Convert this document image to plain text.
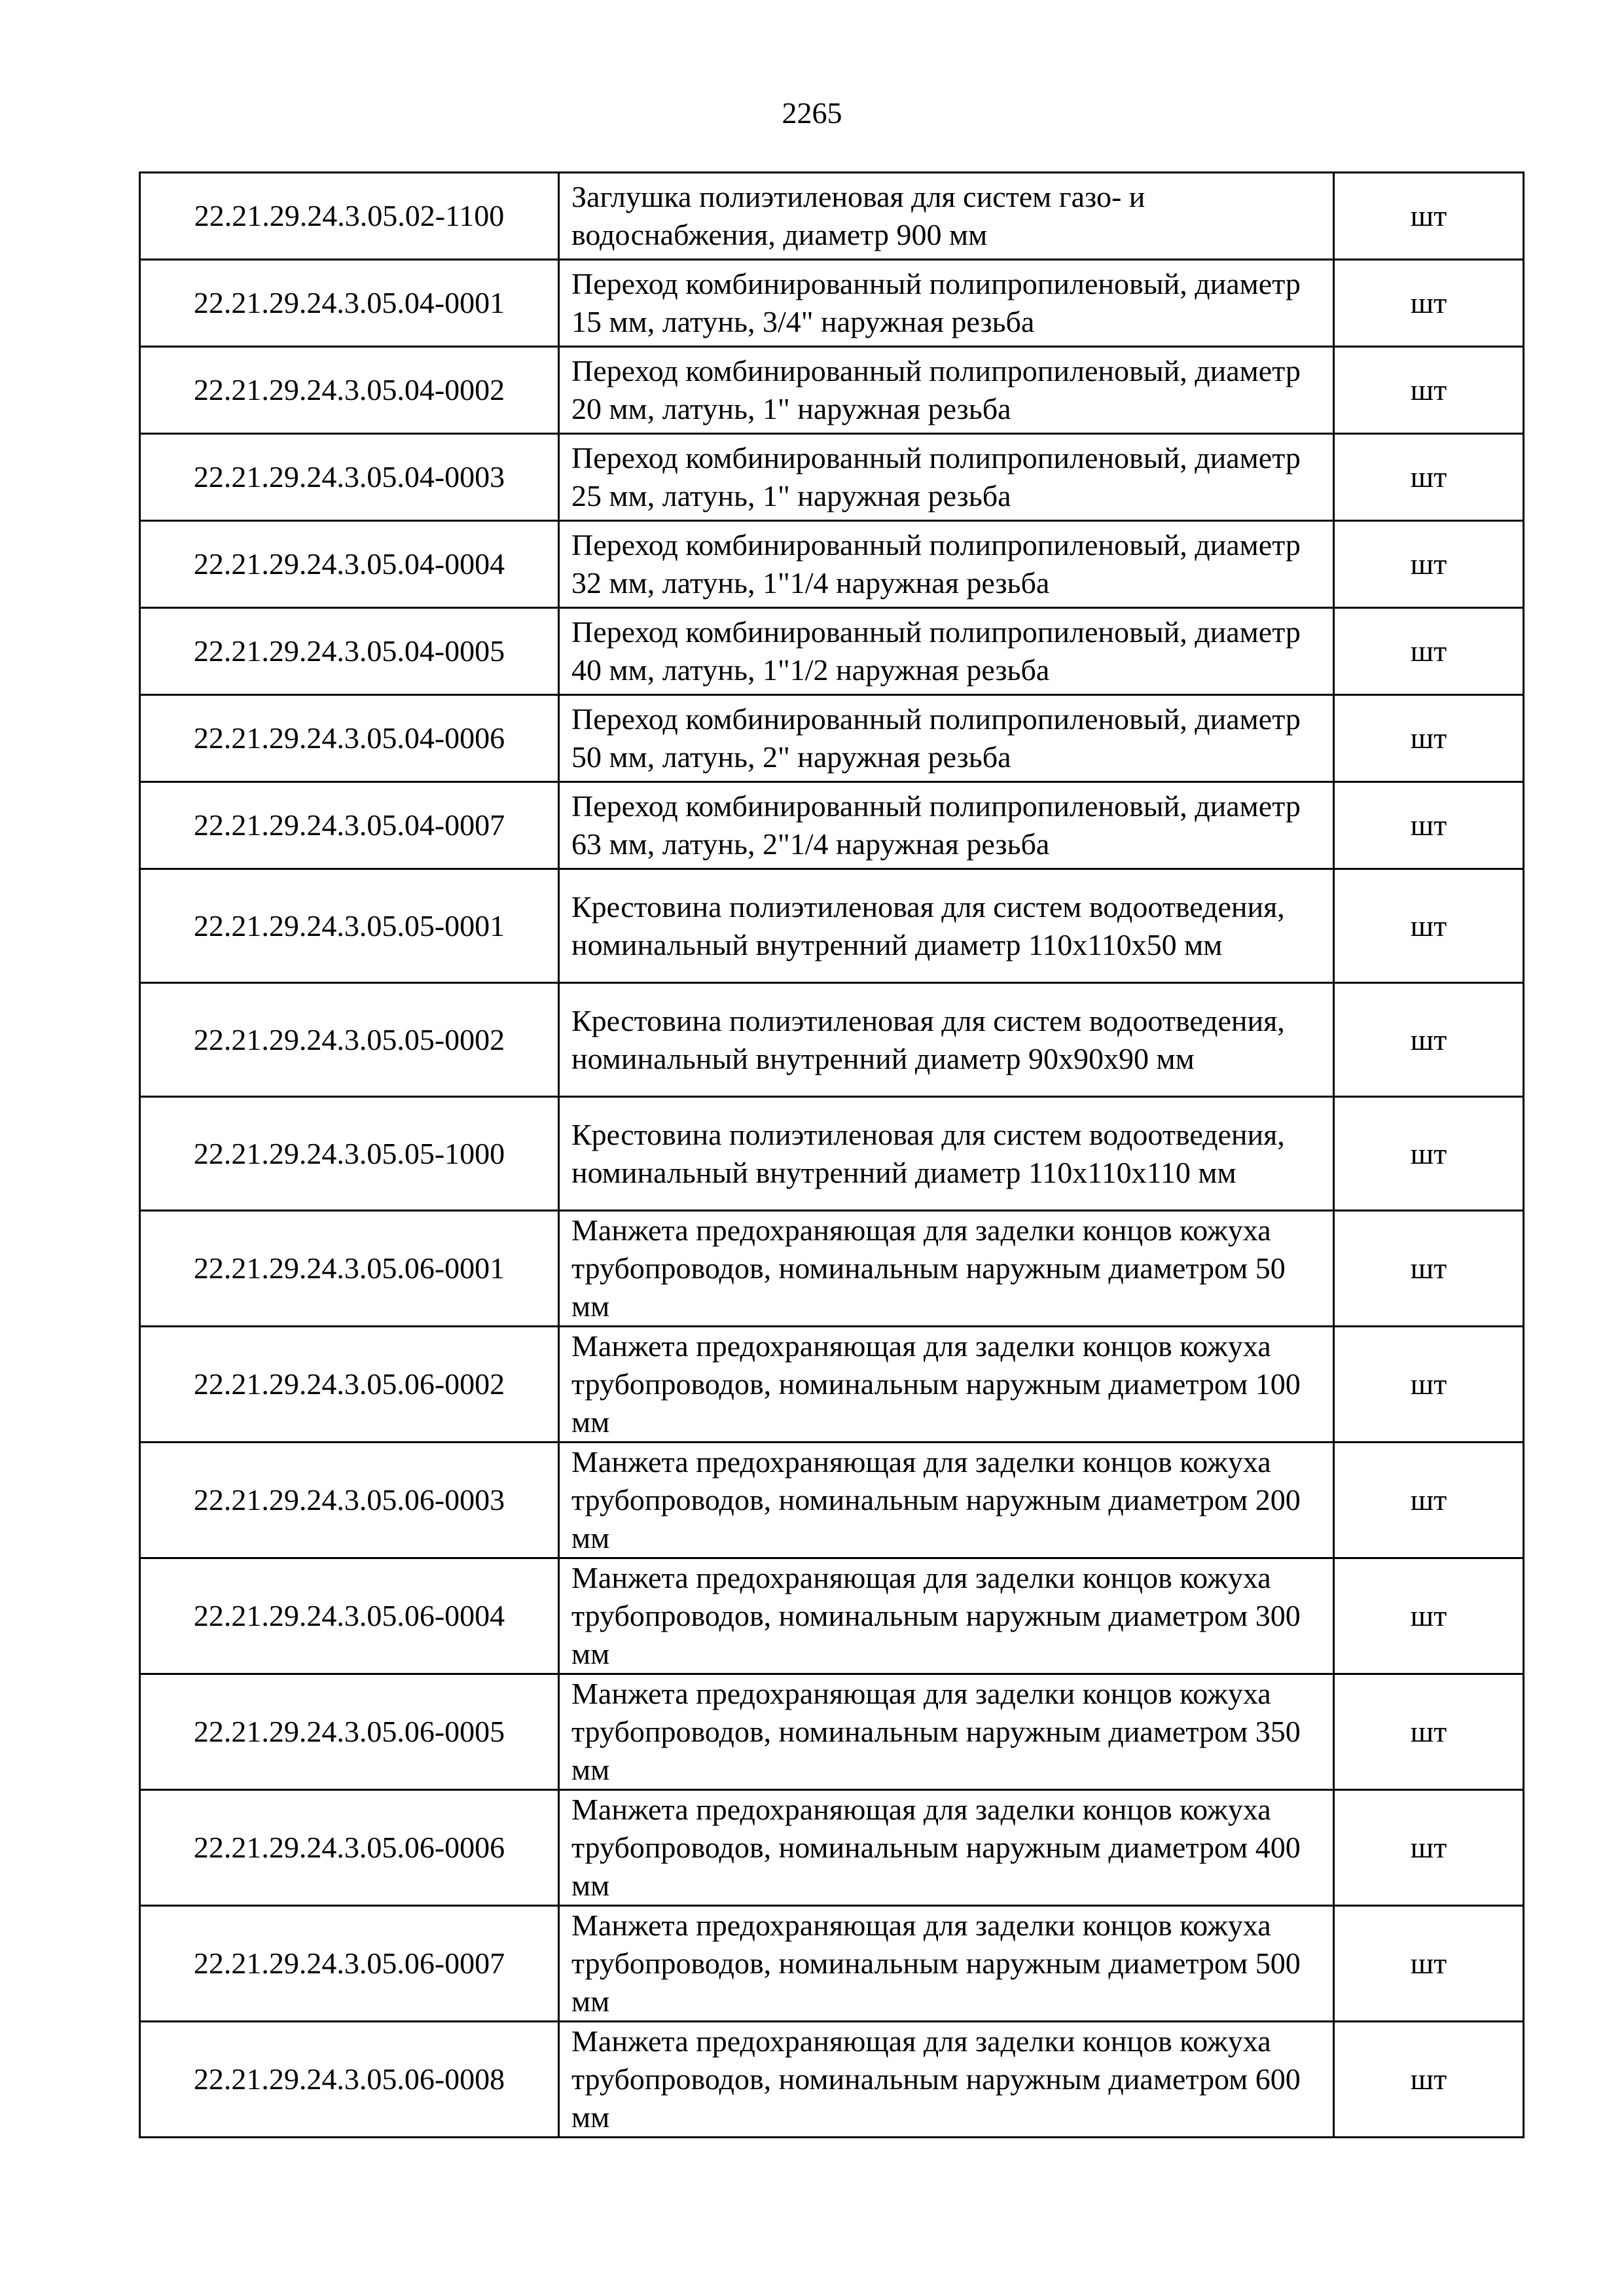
2265
22.21.29.24.3.05.02-1100	Заглушка полиэтиленовая для систем газо- и водоснабжения, диаметр 900 мм	шт
22.21.29.24.3.05.04-0001	Переход комбинированный полипропиленовый, диаметр 15 мм, латунь, 3/4" наружная резьба	шт
22.21.29.24.3.05.04-0002	Переход комбинированный полипропиленовый, диаметр 20 мм, латунь, 1" наружная резьба	шт
22.21.29.24.3.05.04-0003	Переход комбинированный полипропиленовый, диаметр 25 мм, латунь, 1" наружная резьба	шт
22.21.29.24.3.05.04-0004	Переход комбинированный полипропиленовый, диаметр 32 мм, латунь, 1"1/4 наружная резьба	шт
22.21.29.24.3.05.04-0005	Переход комбинированный полипропиленовый, диаметр 40 мм, латунь, 1"1/2 наружная резьба	шт
22.21.29.24.3.05.04-0006	Переход комбинированный полипропиленовый, диаметр 50 мм, латунь, 2" наружная резьба	шт
22.21.29.24.3.05.04-0007	Переход комбинированный полипропиленовый, диаметр 63 мм, латунь, 2"1/4 наружная резьба	шт
22.21.29.24.3.05.05-0001	Крестовина полиэтиленовая для систем водоотведения, номинальный внутренний диаметр 110х110х50 мм	шт
22.21.29.24.3.05.05-0002	Крестовина полиэтиленовая для систем водоотведения, номинальный внутренний диаметр 90х90х90 мм	шт
22.21.29.24.3.05.05-1000	Крестовина полиэтиленовая для систем водоотведения, номинальный внутренний диаметр 110х110х110 мм	шт
22.21.29.24.3.05.06-0001	Манжета предохраняющая для заделки концов кожуха трубопроводов, номинальным наружным диаметром 50 мм	шт
22.21.29.24.3.05.06-0002	Манжета предохраняющая для заделки концов кожуха трубопроводов, номинальным наружным диаметром 100 мм	шт
22.21.29.24.3.05.06-0003	Манжета предохраняющая для заделки концов кожуха трубопроводов, номинальным наружным диаметром 200 мм	шт
22.21.29.24.3.05.06-0004	Манжета предохраняющая для заделки концов кожуха трубопроводов, номинальным наружным диаметром 300 мм	шт
22.21.29.24.3.05.06-0005	Манжета предохраняющая для заделки концов кожуха трубопроводов, номинальным наружным диаметром 350 мм	шт
22.21.29.24.3.05.06-0006	Манжета предохраняющая для заделки концов кожуха трубопроводов, номинальным наружным диаметром 400 мм	шт
22.21.29.24.3.05.06-0007	Манжета предохраняющая для заделки концов кожуха трубопроводов, номинальным наружным диаметром 500 мм	шт
22.21.29.24.3.05.06-0008	Манжета предохраняющая для заделки концов кожуха трубопроводов, номинальным наружным диаметром 600 мм	шт
